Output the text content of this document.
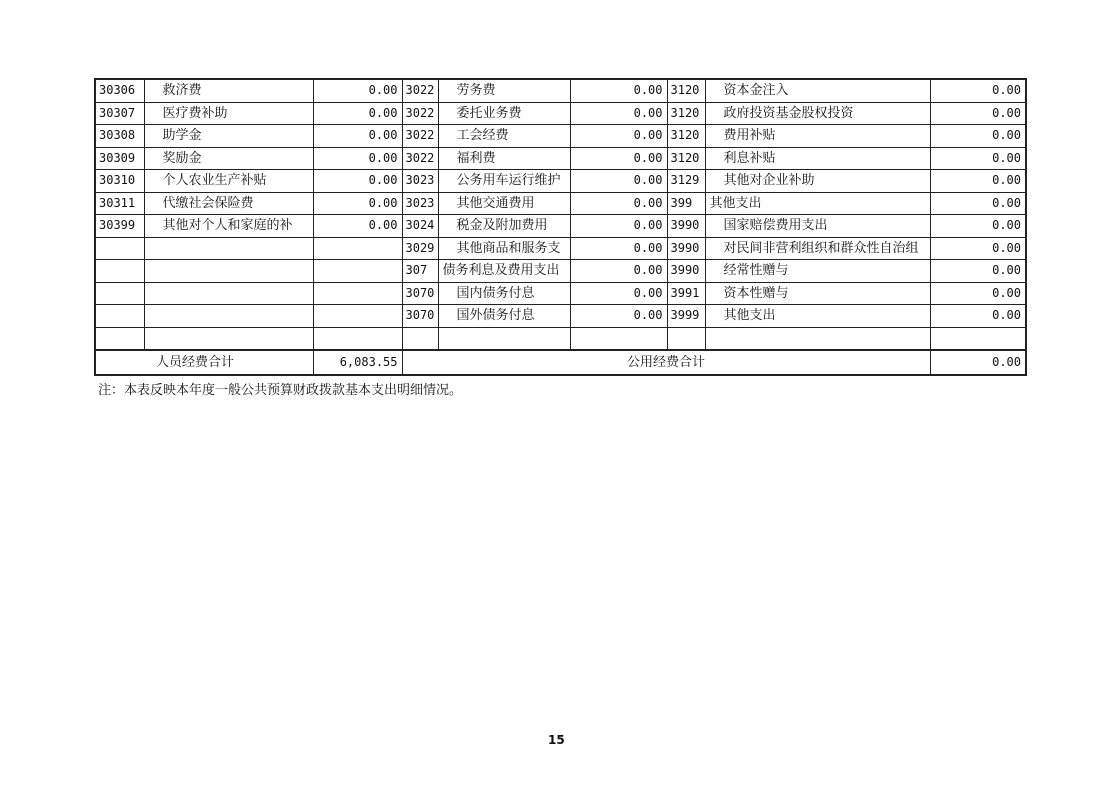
30306	救济费	0.00	3022	劳务费	0.00	3120	资本金注入	0.00
30307	医疗费补助	0.00	3022	委托业务费	0.00	3120	政府投资基金股权投资	0.00
30308	助学金	0.00	3022	工会经费	0.00	3120	费用补贴	0.00
30309	奖励金	0.00	3022	福利费	0.00	3120	利息补贴	0.00
30310	个人农业生产补贴	0.00	3023	公务用车运行维护	0.00	3129	其他对企业补助	0.00
30311	代缴社会保险费	0.00	3023	其他交通费用	0.00	399	其他支出	0.00
30399	其他对个人和家庭的补	0.00	3024	税金及附加费用	0.00	3990	国家赔偿费用支出	0.00
			3029	其他商品和服务支	0.00	3990	对民间非营利组织和群众性自治组	0.00
			307	债务利息及费用支出	0.00	3990	经常性赠与	0.00
			3070	国内债务付息	0.00	3991	资本性赠与	0.00
			3070	国外债务付息	0.00	3999	其他支出	0.00

人员经费合计		6,083.55	公用经费合计					0.00
注：本表反映本年度一般公共预算财政拨款基本支出明细情况。
15
